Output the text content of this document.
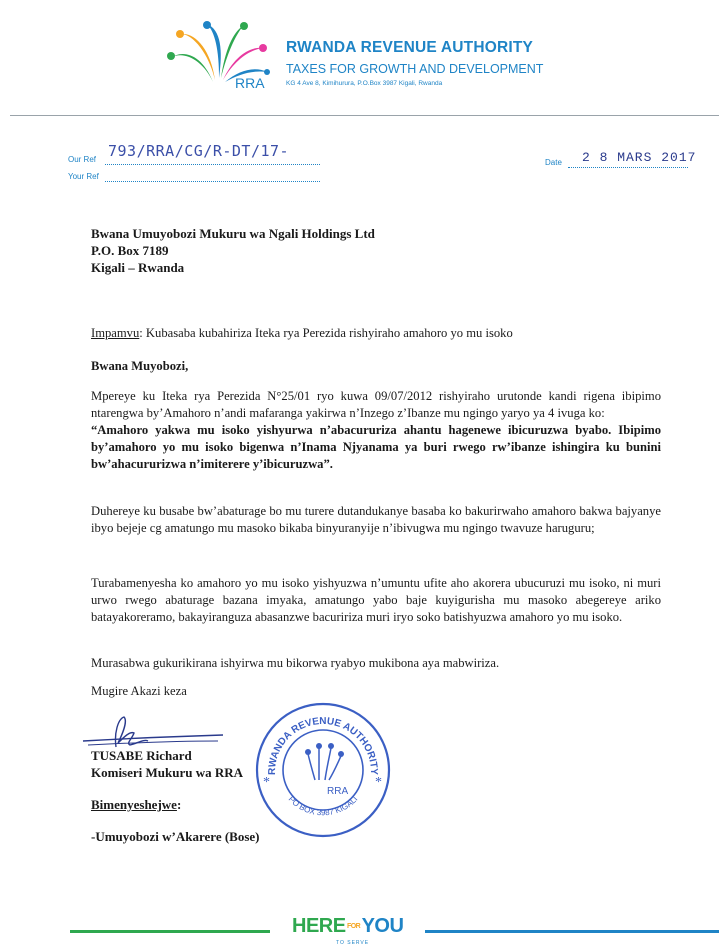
RRA
RWANDA REVENUE AUTHORITY
TAXES FOR GROWTH AND DEVELOPMENT
KG 4 Ave 8, Kimihurura, P.O.Box 3987 Kigali, Rwanda
Our Ref 793/RRA/CG/R-DT/17-
Your Ref
Date 2 8 MARS 2017
Bwana Umuyobozi Mukuru wa Ngali Holdings Ltd
P.O. Box 7189
Kigali – Rwanda
Impamvu: Kubasaba kubahiriza Iteka rya Perezida rishyiraho amahoro yo mu isoko
Bwana Muyobozi,
Mpereye ku Iteka rya Perezida N°25/01 ryo kuwa 09/07/2012 rishyiraho urutonde kandi rigena ibipimo ntarengwa by’Amahoro n’andi mafaranga yakirwa n’Inzego z’Ibanze mu ngingo yaryo ya 4 ivuga ko:
“Amahoro yakwa mu isoko yishyurwa n’abacururiza ahantu hagenewe ibicuruzwa byabo. Ibipimo by’amahoro yo mu isoko bigenwa n’Inama Njyanama ya buri rwego rw’ibanze ishingira ku bunini bw’ahacururizwa n’imiterere y’ibicuruzwa”.
Duhereye ku busabe bw’abaturage bo mu turere dutandukanye basaba ko bakurirwaho amahoro bakwa bajyanye ibyo bejeje cg amatungo mu masoko bikaba binyuranyije n’ibivugwa mu ngingo twavuze haruguru;
Turabamenyesha ko amahoro yo mu isoko yishyuzwa n’umuntu ufite aho akorera ubucuruzi mu isoko, ni muri urwo rwego abaturage bazana imyaka, amatungo yabo baje kuyigurisha mu masoko abegereye ariko batayakoreramo, bakayiranguza abasanzwe bacuririza muri iryo soko batishyuzwa amahoro yo mu isoko.
Murasabwa gukurikirana ishyirwa mu bikorwa ryabyo mukibona aya mabwiriza.
Mugire Akazi keza
TUSABE Richard
Komiseri Mukuru wa RRA
Bimenyeshejwe:
-Umuyobozi w’Akarere (Bose)
RWANDA REVENUE AUTHORITY
PO BOX 3987 KIGALI
*	*
RRA
HEREFORYOU
TO SERVE
